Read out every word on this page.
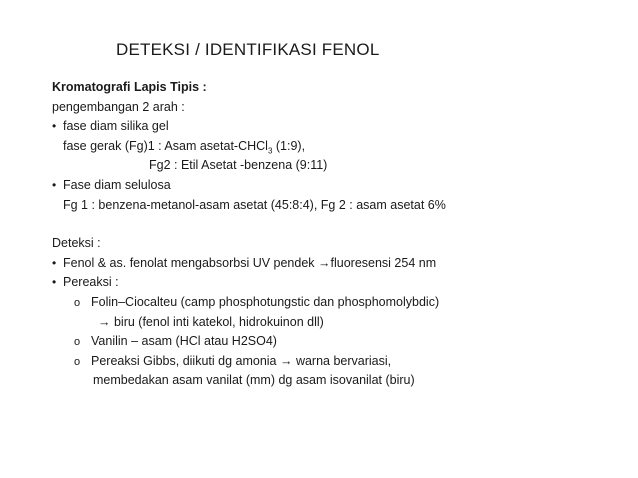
DETEKSI / IDENTIFIKASI FENOL
Kromatografi Lapis Tipis :
pengembangan 2 arah :
• fase diam silika gel
fase gerak (Fg)1 : Asam asetat-CHCl$_3$ (1:9),
Fg2 : Etil Asetat -benzena (9:11)
• Fase diam selulosa
Fg 1 : benzena-metanol-asam asetat (45:8:4), Fg 2 : asam asetat 6%
Deteksi :
• Fenol & as. fenolat mengabsorbsi UV pendek →fluoresensi 254 nm
• Pereaksi :
o Folin–Ciocalteu (camp phosphotungstic dan phosphomolybdic)
→ biru (fenol inti katekol, hidrokuinon dll)
o Vanilin – asam (HCl atau H2SO4)
o Pereaksi Gibbs, diikuti dg amonia → warna bervariasi,
membedakan asam vanilat (mm) dg asam isovanilat (biru)
